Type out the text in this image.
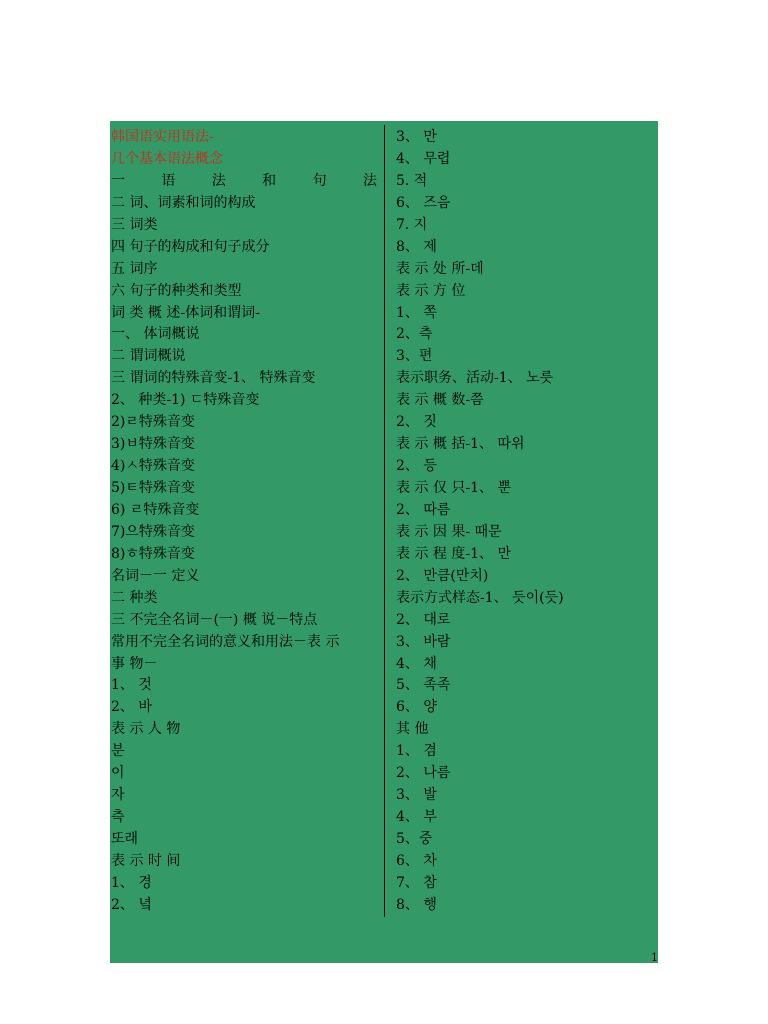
韩国语实用语法-
几个基本语法概念
一	语	法	和	句	法
二 词、词素和词的构成
三 词类
四 句子的构成和句子成分
五 词序
六 句子的种类和类型
词 类 概 述-体词和谓词-
一、 体词概说
二 谓词概说
三 谓词的特殊音变-1、 特殊音变
2、 种类-1) ㄷ特殊音变
2)ㄹ特殊音变
3)ㅂ特殊音变
4)ㅅ特殊音变
5)ㅌ特殊音变
6) ㄹ特殊音变
7)으特殊音变
8)ㅎ特殊音变
名词－一 定义
二 种类
三 不完全名词－(一) 概 说－特点
常用不完全名词的意义和用法－表 示
事 物－
1、 것
2、 바
表 示 人 物
분
이
자
측
또래
表 示 时 间
1、 경
2、 녘
3、 만
4、 무렵
5. 적
6、 즈음
7. 지
8、 제
表 示 处 所-데
表 示 方 位
1、 쪽
2、측
3、편
表示职务、活动-1、 노릇
表 示 概 数-쯤
2、 짓
表 示 概 括-1、 따위
2、 등
表 示 仅 只-1、 뿐
2、 따름
表 示 因 果- 때문
表 示 程 度-1、 만
2、 만큼(만치)
表示方式样态-1、 듯이(듯)
2、 대로
3、 바람
4、 채
5、 족족
6、 양
其 他
1、 겸
2、 나름
3、 발
4、 부
5、중
6、 차
7、 참
8、 행
1
